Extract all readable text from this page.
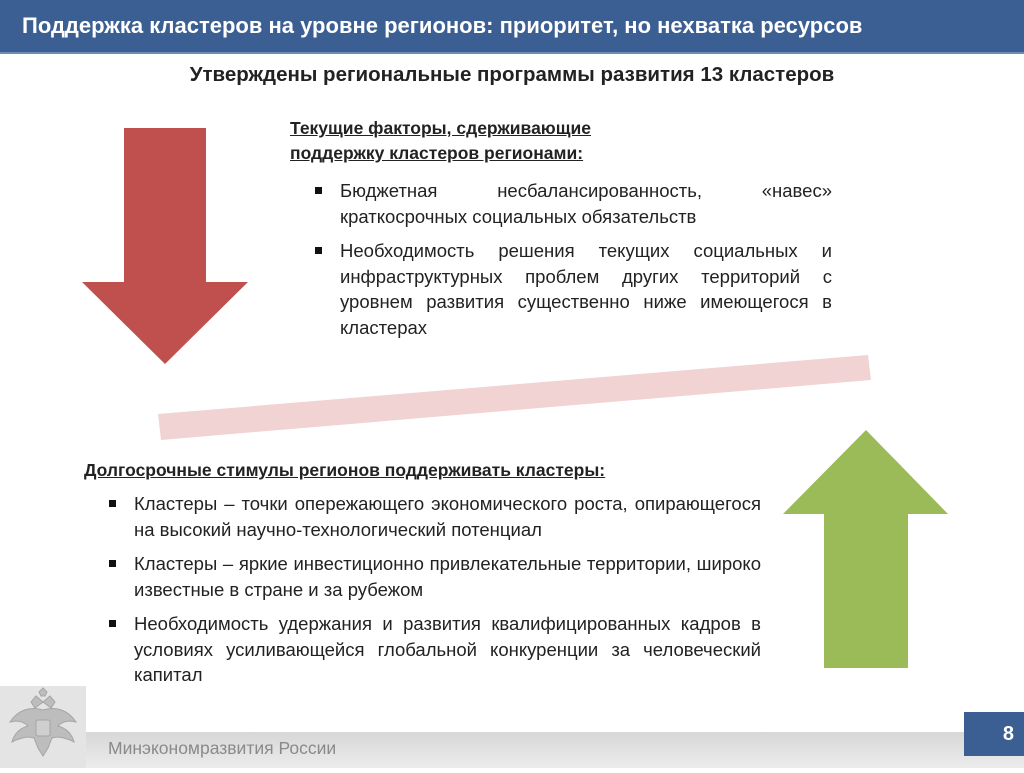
Поддержка кластеров на уровне регионов: приоритет, но нехватка ресурсов
Утверждены региональные программы развития 13 кластеров
Текущие факторы, сдерживающие поддержку кластеров регионами:
Бюджетная несбалансированность, «навес» краткосрочных социальных обязательств
Необходимость решения текущих социальных и инфраструктурных проблем других территорий с уровнем развития существенно ниже имеющегося в кластерах
Долгосрочные стимулы регионов поддерживать кластеры:
Кластеры – точки опережающего экономического роста, опирающегося на высокий научно-технологический потенциал
Кластеры – яркие инвестиционно привлекательные территории, широко известные в стране и за рубежом
Необходимость удержания и развития квалифицированных кадров в условиях усиливающейся глобальной конкуренции за человеческий капитал
Минэкономразвития России
8
